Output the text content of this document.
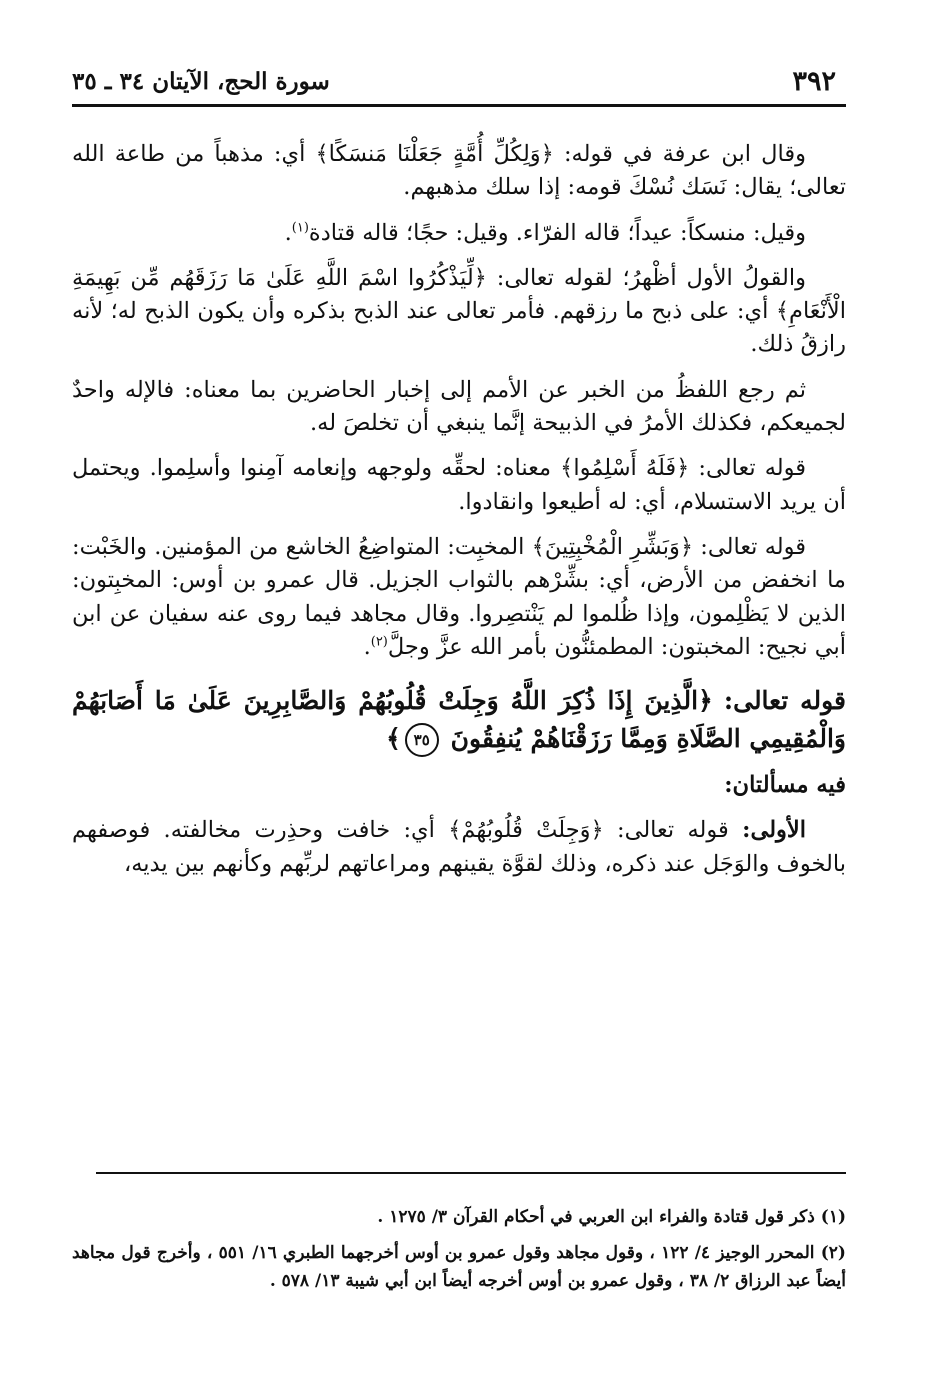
٣٩٢
سورة الحج، الآيتان ٣٤ ـ ٣٥

وقال ابن عرفة في قوله: ﴿وَلِكُلِّ أُمَّةٍ جَعَلْنَا مَنسَكًا﴾ أي: مذهباً من طاعة الله تعالى؛ يقال: نَسَك نُسْكَ قومه: إذا سلك مذهبهم.

وقيل: منسكاً: عيداً؛ قاله الفرّاء. وقيل: حجًا؛ قاله قتادة$^{(١)}$.

والقولُ الأول أظْهرُ؛ لقوله تعالى: ﴿لِّيَذْكُرُوا اسْمَ اللَّهِ عَلَىٰ مَا رَزَقَهُم مِّن بَهِيمَةِ الْأَنْعَامِ﴾ أي: على ذبح ما رزقهم. فأمر تعالى عند الذبح بذكره وأن يكون الذبح له؛ لأنه رازقُ ذلك.

ثم رجع اللفظُ من الخبر عن الأمم إلى إخبار الحاضرين بما معناه: فالإله واحدٌ لجميعكم، فكذلك الأمرُ في الذبيحة إنَّما ينبغي أن تخلصَ له.

قوله تعالى: ﴿فَلَهُ أَسْلِمُوا﴾ معناه: لحقِّه ولوجهه وإنعامه آمِنوا وأسلِموا. ويحتمل أن يريد الاستسلام، أي: له أطيعوا وانقادوا.

قوله تعالى: ﴿وَبَشِّرِ الْمُخْبِتِينَ﴾ المخبِت: المتواضِعُ الخاشع من المؤمنين. والخَبْت: ما انخفض من الأرض، أي: بشِّرْهم بالثواب الجزيل. قال عمرو بن أوس: المخبِتون: الذين لا يَظْلِمون، وإذا ظُلموا لم يَنْتصِروا. وقال مجاهد فيما روى عنه سفيان عن ابن أبي نجيح: المخبتون: المطمئنُّون بأمر الله عزَّ وجلَّ$^{(٢)}$.

قوله تعالى: ﴿الَّذِينَ إِذَا ذُكِرَ اللَّهُ وَجِلَتْ قُلُوبُهُمْ وَالصَّابِرِينَ عَلَىٰ مَا أَصَابَهُمْ وَالْمُقِيمِي الصَّلَاةِ وَمِمَّا رَزَقْنَاهُمْ يُنفِقُونَ ٣٥﴾

فيه مسألتان:

الأولى: قوله تعالى: ﴿وَجِلَتْ قُلُوبُهُمْ﴾ أي: خافت وحذِرت مخالفته. فوصفهم بالخوف والوَجَل عند ذكره، وذلك لقوَّة يقينهم ومراعاتهم لربِّهم وكأنهم بين يديه،

(١) ذكر قول قتادة والفراء ابن العربي في أحكام القرآن ٣/ ١٢٧٥ .

(٢) المحرر الوجيز ٤/ ١٢٢ ، وقول مجاهد وقول عمرو بن أوس أخرجهما الطبري ١٦/ ٥٥١ ، وأخرج قول مجاهد أيضاً عبد الرزاق ٢/ ٣٨ ، وقول عمرو بن أوس أخرجه أيضاً ابن أبي شيبة ١٣/ ٥٧٨ .
